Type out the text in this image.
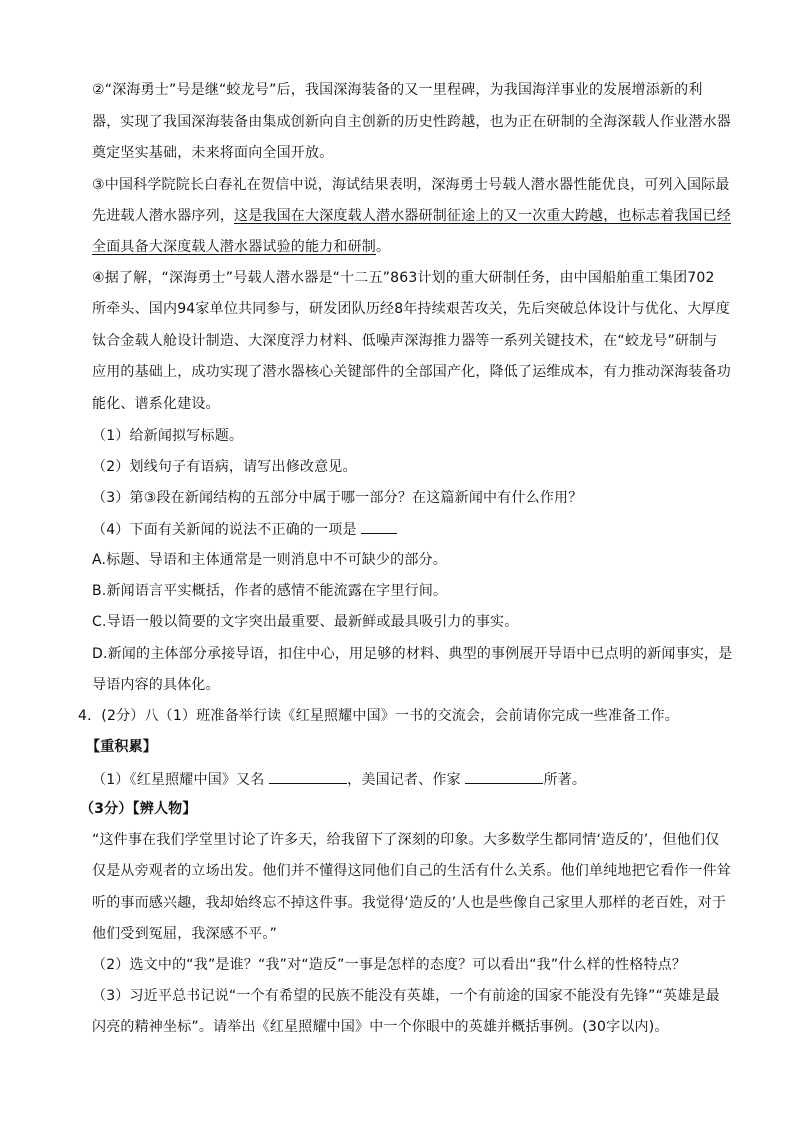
②“深海勇士”号是继“蛟龙号”后，我国深海装备的又一里程碑，为我国海洋事业的发展增添新的利
器，实现了我国深海装备由集成创新向自主创新的历史性跨越，也为正在研制的全海深载人作业潜水器
奠定坚实基础，未来将面向全国开放。
③中国科学院院长白春礼在贺信中说，海试结果表明，深海勇士号载人潜水器性能优良，可列入国际最
先进载人潜水器序列，这是我国在大深度载人潜水器研制征途上的又一次重大跨越，也标志着我国已经
全面具备大深度载人潜水器试验的能力和研制。
④据了解，“深海勇士”号载人潜水器是“十二五”863计划的重大研制任务，由中国船舶重工集团702
所牵头、国内94家单位共同参与，研发团队历经8年持续艰苦攻关，先后突破总体设计与优化、大厚度
钛合金载人舱设计制造、大深度浮力材料、低噪声深海推力器等一系列关键技术，在“蛟龙号”研制与
应用的基础上，成功实现了潜水器核心关键部件的全部国产化，降低了运维成本，有力推动深海装备功
能化、谱系化建设。
（1）给新闻拟写标题。
（2）划线句子有语病，请写出修改意见。
（3）第③段在新闻结构的五部分中属于哪一部分？在这篇新闻中有什么作用？
（4）下面有关新闻的说法不正确的一项是
A.标题、导语和主体通常是一则消息中不可缺少的部分。
B.新闻语言平实概括，作者的感情不能流露在字里行间。
C.导语一般以简要的文字突出最重要、最新鲜或最具吸引力的事实。
D.新闻的主体部分承接导语，扣住中心，用足够的材料、典型的事例展开导语中已点明的新闻事实，是
导语内容的具体化。
4．(2分）八（1）班准备举行读《红星照耀中国》一书的交流会，会前请你完成一些准备工作。
【重积累】
（1）《红星照耀中国》又名	，美国记者、作家	所著。
（3分）【辨人物】
“这件事在我们学堂里讨论了许多天，给我留下了深刻的印象。大多数学生都同情‘造反的’，但他们仅
仅是从旁观者的立场出发。他们并不懂得这同他们自己的生活有什么关系。他们单纯地把它看作一件耸
听的事而感兴趣，我却始终忘不掉这件事。我觉得‘造反的’人也是些像自己家里人那样的老百姓，对于
他们受到冤屈，我深感不平。”
（2）选文中的“我”是谁？“我”对“造反”一事是怎样的态度？可以看出“我”什么样的性格特点？
（3）习近平总书记说“一个有希望的民族不能没有英雄，一个有前途的国家不能没有先锋”“英雄是最
闪亮的精神坐标”。请举出《红星照耀中国》中一个你眼中的英雄并概括事例。(30字以内)。
